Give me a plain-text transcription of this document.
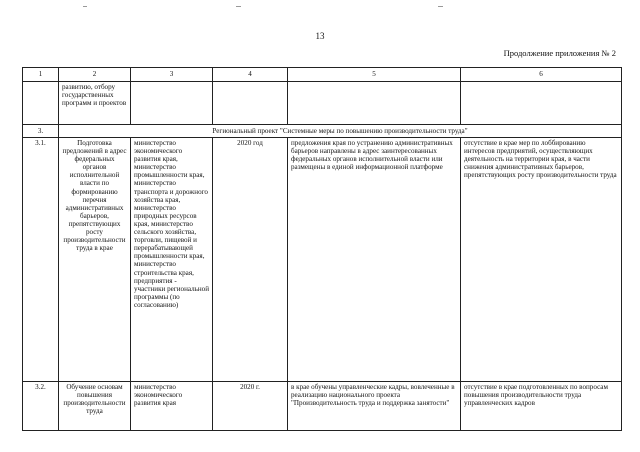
13
Продолжение приложения № 2
1	2	3	4	5	6
	развитию, отбору государственных программ и проектов				
3.	Региональный проект "Системные меры по повышению производительности труда"				
3.1.	Подготовка предложений в адрес федеральных органов исполнительной власти по формированию перечня административных барьеров, препятствующих росту производительности труда в крае	министерство экономического развития края, министерство промышленности края, министерство транспорта и дорожного хозяйства края, министерство природных ресурсов края, министерство сельского хозяйства, торговли, пищевой и перерабатывающей промышленности края, министерство строительства края, предприятия - участники региональной программы (по согласованию)	2020 год	предложения края по устранению административных барьеров направлены в адрес заинтересованных федеральных органов исполнительной власти или размещены в единой информационной платформе	отсутствие в крае мер по лоббированию интересов предприятий, осуществляющих деятельность на территории края, в части снижения административных барьеров, препятствующих росту производительности труда
3.2.	Обучение основам повышения производительности труда	министерство экономического развития края	2020 г.	в крае обучены управленческие кадры, вовлеченные в реализацию национального проекта "Производительность труда и поддержка занятости"	отсутствие в крае подготовленных по вопросам повышения производительности труда управленческих кадров
